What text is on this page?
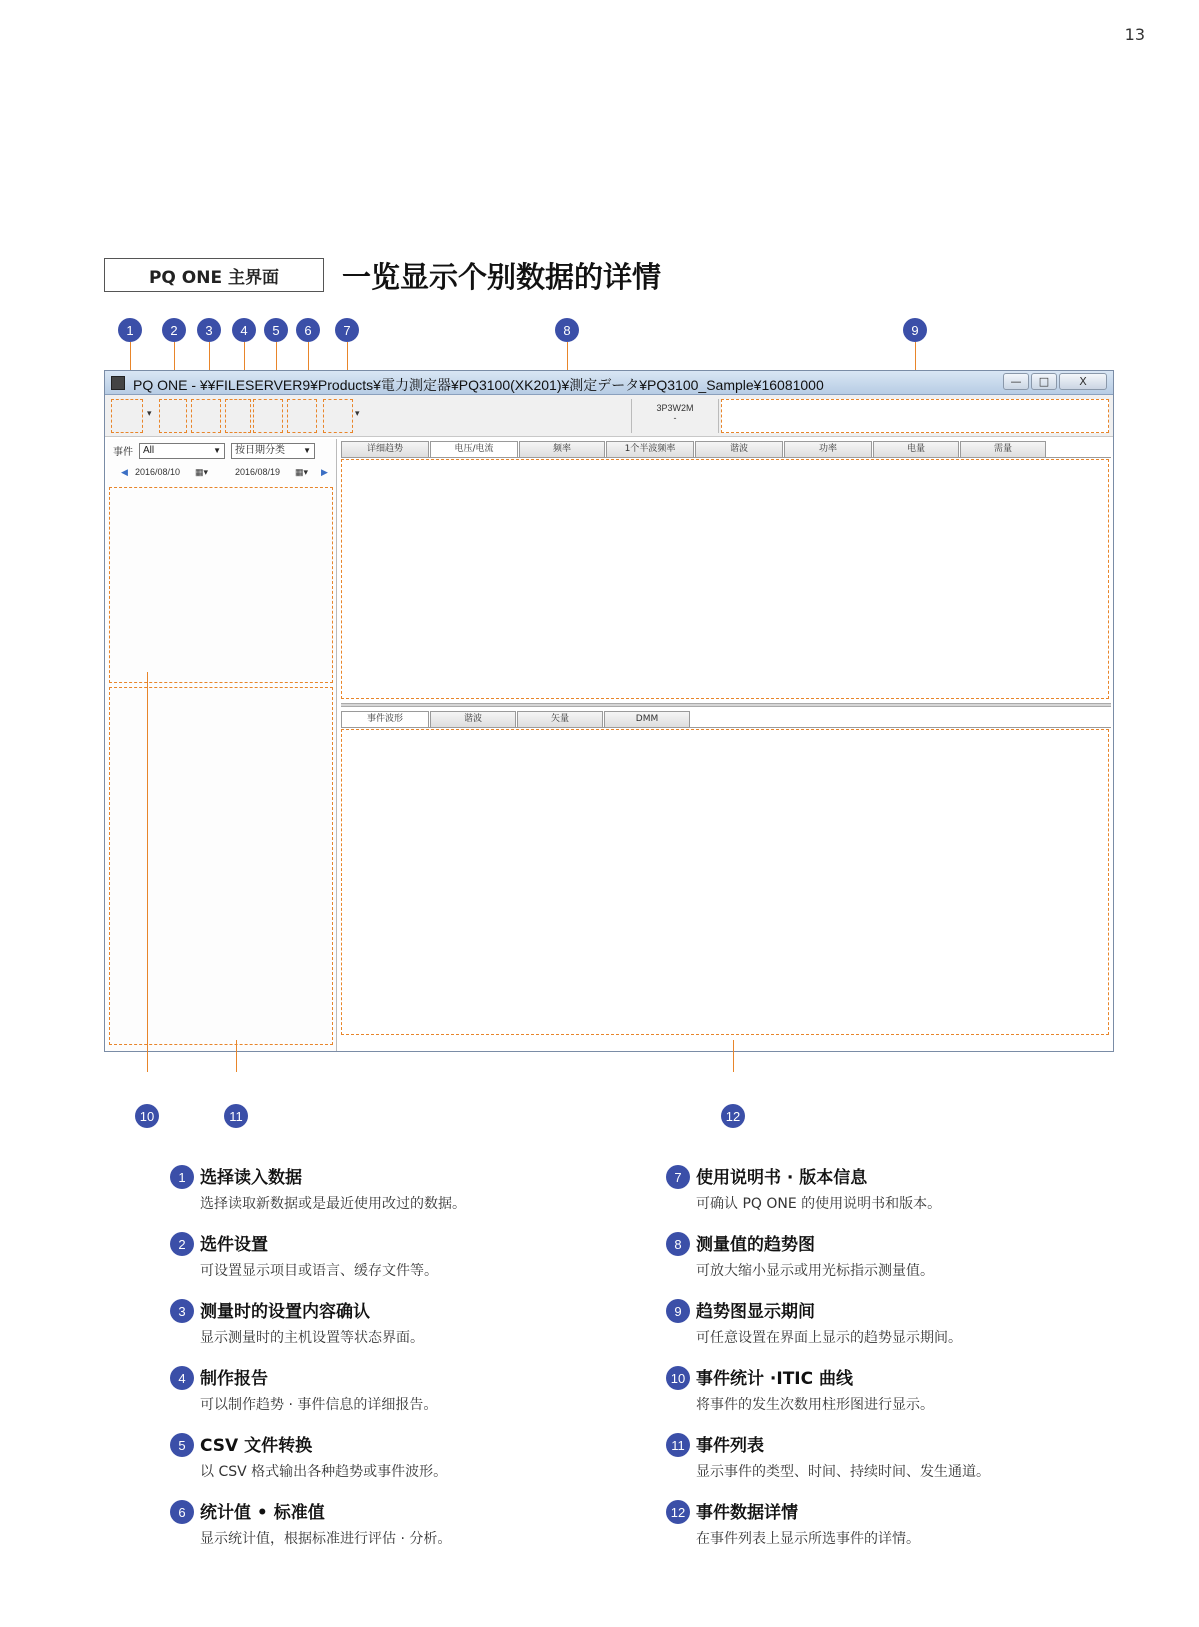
13
PQ ONE 主界面	一览显示个别数据的详情
1	2	3	4	5	6	7	8	9
PQ ONE - ¥¥FILESERVER9¥Products¥電力測定器¥PQ3100(XK201)¥測定データ¥PQ3100_Sample¥16081000	—	□	X
▾	▾
3P3W2M
-
事件	All	▼	按日期分类 ▼
◀ 2016/08/10 ▦▾	2016/08/19 ▦▾ ▶
详细趋势	电压/电流	频率	1个半波频率	谐波	功率	电量	需量
事件波形	谐波	矢量	DMM
10	11	12
1 选择读入数据
选择读取新数据或是最近使用改过的数据。
2 选件设置
可设置显示项目或语言、缓存文件等。
3 测量时的设置内容确认
显示测量时的主机设置等状态界面。
4 制作报告
可以制作趋势 · 事件信息的详细报告。
5 CSV 文件转换
以 CSV 格式输出各种趋势或事件波形。
6 统计值 • 标准值
显示统计值，根据标准进行评估 · 分析。
7 使用说明书 · 版本信息
可确认 PQ ONE 的使用说明书和版本。
8 测量值的趋势图
可放大缩小显示或用光标指示测量值。
9 趋势图显示期间
可任意设置在界面上显示的趋势显示期间。
10 事件统计 ·ITIC 曲线
将事件的发生次数用柱形图进行显示。
11 事件列表
显示事件的类型、时间、持续时间、发生通道。
12 事件数据详情
在事件列表上显示所选事件的详情。
